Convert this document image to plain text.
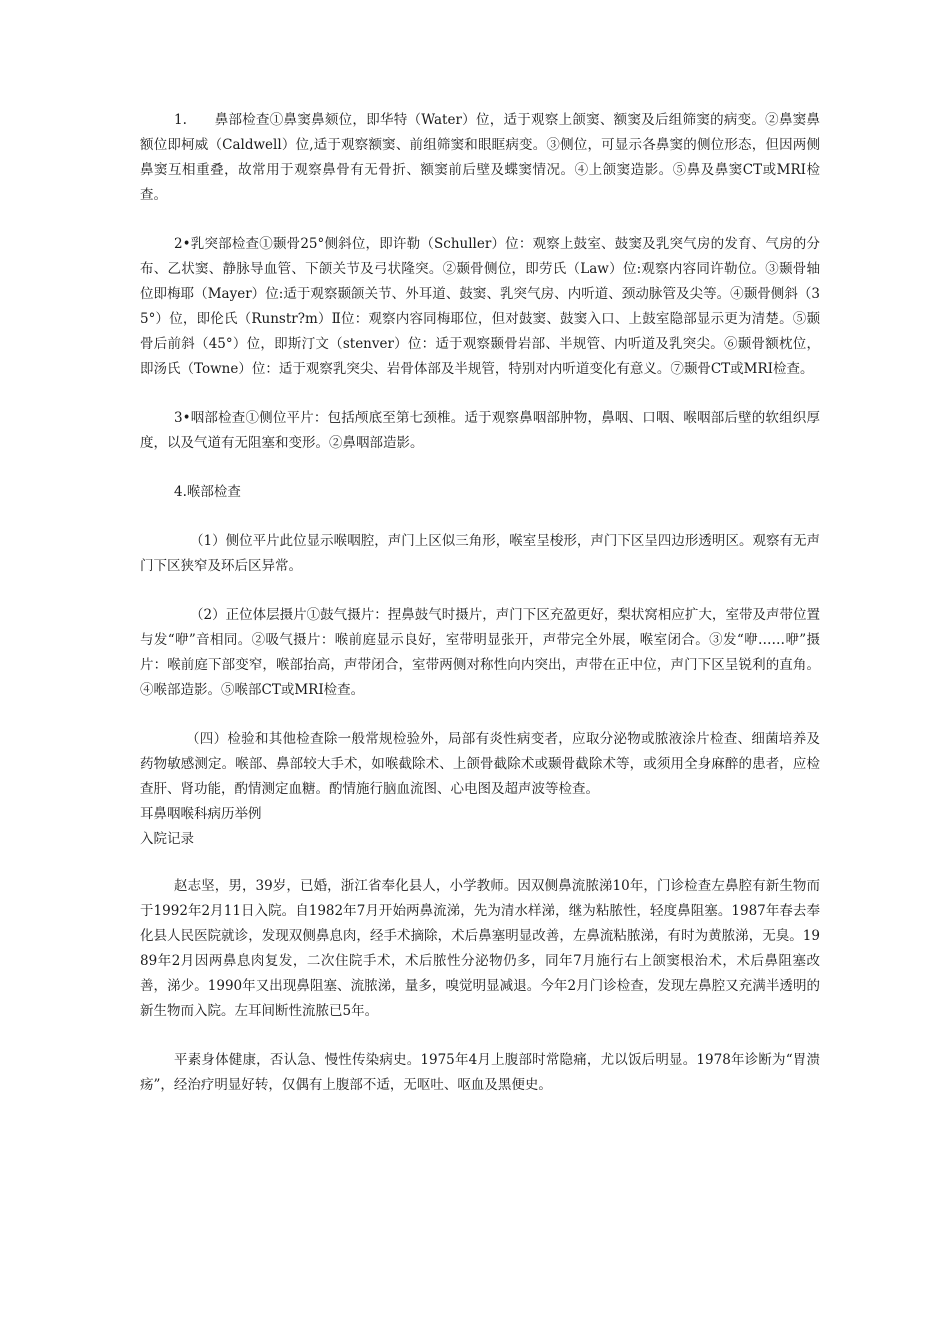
1.　　鼻部检查①鼻窦鼻颏位，即华特（Water）位，适于观察上颌窦、额窦及后组筛窦的病变。②鼻窦鼻额位即柯威（Caldwell）位,适于观察额窦、前组筛窦和眼眶病变。③侧位，可显示各鼻窦的侧位形态，但因两侧鼻窦互相重叠，故常用于观察鼻骨有无骨折、额窦前后壁及蝶窦情况。④上颌窦造影。⑤鼻及鼻窦CT或MRI检查。

2•乳突部检查①颞骨25°侧斜位，即许勒（Schuller）位：观察上鼓室、鼓窦及乳突气房的发育、气房的分布、乙状窦、静脉导血管、下颌关节及弓状隆突。②颞骨侧位，即劳氏（Law）位:观察内容同许勒位。③颞骨轴位即梅耶（Mayer）位:适于观察颞颌关节、外耳道、鼓窦、乳突气房、内听道、颈动脉管及尖等。④颞骨侧斜（35°）位，即伦氏（Runstr?m）Ⅱ位：观察内容同梅耶位，但对鼓窦、鼓窦入口、上鼓室隐部显示更为清楚。⑤颞骨后前斜（45°）位，即斯汀文（stenver）位：适于观察颞骨岩部、半规管、内听道及乳突尖。⑥颞骨额枕位，即汤氏（Towne）位：适于观察乳突尖、岩骨体部及半规管，特别对内听道变化有意义。⑦颞骨CT或MRI检查。

3•咽部检查①侧位平片：包括颅底至第七颈椎。适于观察鼻咽部肿物，鼻咽、口咽、喉咽部后壁的软组织厚度，以及气道有无阻塞和变形。②鼻咽部造影。

4.喉部检查

（1）侧位平片此位显示喉咽腔，声门上区似三角形，喉室呈梭形，声门下区呈四边形透明区。观察有无声门下区狭窄及环后区异常。

（2）正位体层摄片①鼓气摄片：捏鼻鼓气时摄片，声门下区充盈更好，梨状窝相应扩大，室带及声带位置与发“咿”音相同。②吸气摄片：喉前庭显示良好，室带明显张开，声带完全外展，喉室闭合。③发“咿……咿”摄片：喉前庭下部变窄，喉部抬高，声带闭合，室带两侧对称性向内突出，声带在正中位，声门下区呈锐利的直角。④喉部造影。⑤喉部CT或MRI检查。

（四）检验和其他检查除一般常规检验外，局部有炎性病变者，应取分泌物或脓液涂片检查、细菌培养及药物敏感测定。喉部、鼻部较大手术，如喉截除术、上颌骨截除术或颞骨截除术等，或须用全身麻醉的患者，应检查肝、肾功能，酌情测定血糖。酌情施行脑血流图、心电图及超声波等检查。

耳鼻咽喉科病历举例

入院记录

赵志坚，男，39岁，已婚，浙江省奉化县人，小学教师。因双侧鼻流脓涕10年，门诊检查左鼻腔有新生物而于1992年2月11日入院。自1982年7月开始两鼻流涕，先为清水样涕，继为粘脓性，轻度鼻阻塞。1987年春去奉化县人民医院就诊，发现双侧鼻息肉，经手术摘除，术后鼻塞明显改善，左鼻流粘脓涕，有时为黄脓涕，无臭。1989年2月因两鼻息肉复发，二次住院手术，术后脓性分泌物仍多，同年7月施行右上颌窦根治术，术后鼻阻塞改善，涕少。1990年又出现鼻阻塞、流脓涕，量多，嗅觉明显减退。今年2月门诊检查，发现左鼻腔又充满半透明的新生物而入院。左耳间断性流脓已5年。

平素身体健康，否认急、慢性传染病史。1975年4月上腹部时常隐痛，尤以饭后明显。1978年诊断为“胃溃疡”，经治疗明显好转，仅偶有上腹部不适，无呕吐、呕血及黑便史。
